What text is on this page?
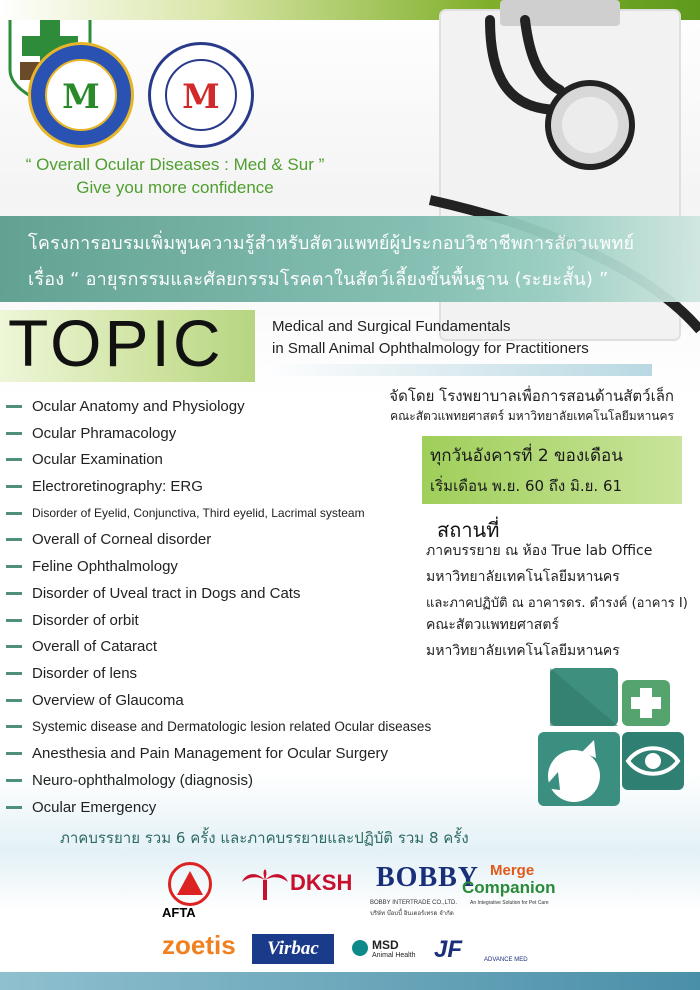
M	M
“ Overall Ocular Diseases : Med & Sur ”
Give you more confidence
โครงการอบรมเพิ่มพูนความรู้สำหรับสัตวแพทย์ผู้ประกอบวิชาชีพการสัตวแพทย์
เรื่อง “ อายุรกรรมและศัลยกรรมโรคตาในสัตว์เลี้ยงขั้นพื้นฐาน (ระยะสั้น) ”
TOPIC	Medical and Surgical Fundamentals
in Small Animal Ophthalmology for Practitioners
Ocular Anatomy and Physiology
Ocular Phramacology
Ocular Examination
Electroretinography: ERG
Disorder of Eyelid, Conjunctiva, Third eyelid, Lacrimal systeam
Overall of Corneal disorder
Feline Ophthalmology
Disorder of Uveal tract in Dogs and Cats
Disorder of orbit
Overall of Cataract
Disorder of lens
Overview of Glaucoma
Systemic disease and Dermatologic lesion related Ocular diseases
Anesthesia and Pain Management for Ocular Surgery
Neuro-ophthalmology (diagnosis)
Ocular Emergency
จัดโดย โรงพยาบาลเพื่อการสอนด้านสัตว์เล็ก
คณะสัตวแพทยศาสตร์ มหาวิทยาลัยเทคโนโลยีมหานคร
ทุกวันอังคารที่ 2 ของเดือน
เริ่มเดือน พ.ย. 60 ถึง มิ.ย. 61
สถานที่
ภาคบรรยาย ณ ห้อง True lab Office
มหาวิทยาลัยเทคโนโลยีมหานคร
และภาคปฏิบัติ ณ อาคารดร. ดำรงค์ (อาคาร I)
คณะสัตวแพทยศาสตร์
มหาวิทยาลัยเทคโนโลยีมหานคร
ภาคบรรยาย รวม 6 ครั้ง และภาคบรรยายและปฏิบัติ รวม 8 ครั้ง
AFTA
DKSH BOBBY
BOBBY INTERTRADE CO.,LTD.
บริษัท บ๊อบบี้ อินเตอร์เทรด จำกัด
Merge
Companion
An Integrative Solution for Pet Care
zoetis	Virbac	MSD
Animal Health JF	ADVANCE MED
